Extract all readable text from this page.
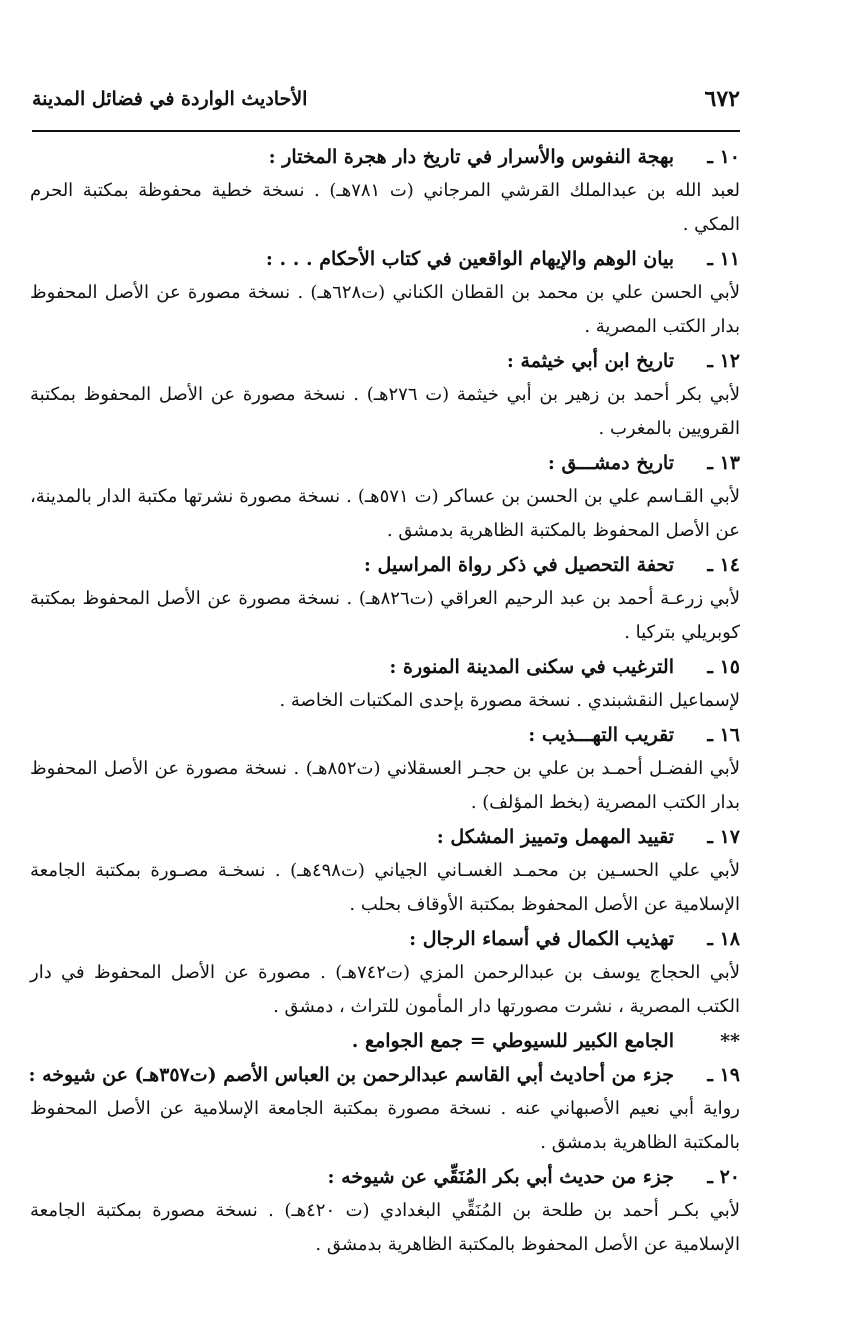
٦٧٢
الأحاديث الواردة في فضائل المدينة
١٠ ـ
بهجة النفوس والأسرار في تاريخ دار هجرة المختار :
لعبد الله بن عبدالملك القرشي المرجاني (ت ٧٨١هـ) . نسخة خطية محفوظة بمكتبة الحرم المكي .
١١ ـ
بيان الوهم والإيهام الواقعين في كتاب الأحكام . . . :
لأبي الحسن علي بن محمد بن القطان الكناني (ت٦٢٨هـ) . نسخة مصورة عن الأصل المحفوظ بدار الكتب المصرية .
١٢ ـ
تاريخ ابن أبي خيثمة :
لأبي بكر أحمد بن زهير بن أبي خيثمة (ت ٢٧٦هـ) . نسخة مصورة عن الأصل المحفوظ بمكتبة القرويين بالمغرب .
١٣ ـ
تاريخ دمشـــق :
لأبي القـاسم علي بن الحسن بن عساكر (ت ٥٧١هـ) . نسخة مصورة نشرتها مكتبة الدار بالمدينة، عن الأصل المحفوظ بالمكتبة الظاهرية بدمشق .
١٤ ـ
تحفة التحصيل في ذكر رواة المراسيل :
لأبي زرعـة أحمد بن عبد الرحيم العراقي (ت٨٢٦هـ) . نسخة مصورة عن الأصل المحفوظ بمكتبة كوبريلي بتركيا .
١٥ ـ
الترغيب في سكنى المدينة المنورة :
لإسماعيل النقشبندي . نسخة مصورة بإحدى المكتبات الخاصة .
١٦ ـ
تقريب التهـــذيب :
لأبي الفضـل أحمـد بن علي بن حجـر العسقلاني (ت٨٥٢هـ) . نسخة مصورة عن الأصل المحفوظ بدار الكتب المصرية (بخط المؤلف) .
١٧ ـ
تقييد المهمل وتمييز المشكل :
لأبي علي الحسـين بن محمـد الغسـاني الجياني (ت٤٩٨هـ) . نسخـة مصـورة بمكتبة الجامعة الإسلامية عن الأصل المحفوظ بمكتبة الأوقاف بحلب .
١٨ ـ
تهذيب الكمال في أسماء الرجال :
لأبي الحجاج يوسف بن عبدالرحمن المزي (ت٧٤٢هـ) . مصورة عن الأصل المحفوظ في دار الكتب المصرية ، نشرت مصورتها دار المأمون للتراث ، دمشق .
**
الجامع الكبير للسيوطي = جمع الجوامع .
١٩ ـ
جزء من أحاديث أبي القاسم عبدالرحمن بن العباس الأصم (ت٣٥٧هـ) عن شيوخه :
رواية أبي نعيم الأصبهاني عنه . نسخة مصورة بمكتبة الجامعة الإسلامية عن الأصل المحفوظ بالمكتبة الظاهرية بدمشق .
٢٠ ـ
جزء من حديث أبي بكر المُنَقِّي عن شيوخه :
لأبي بكـر أحمد بن طلحة بن المُنَقِّي البغدادي (ت ٤٢٠هـ) . نسخة مصورة بمكتبة الجامعة الإسلامية عن الأصل المحفوظ بالمكتبة الظاهرية بدمشق .
